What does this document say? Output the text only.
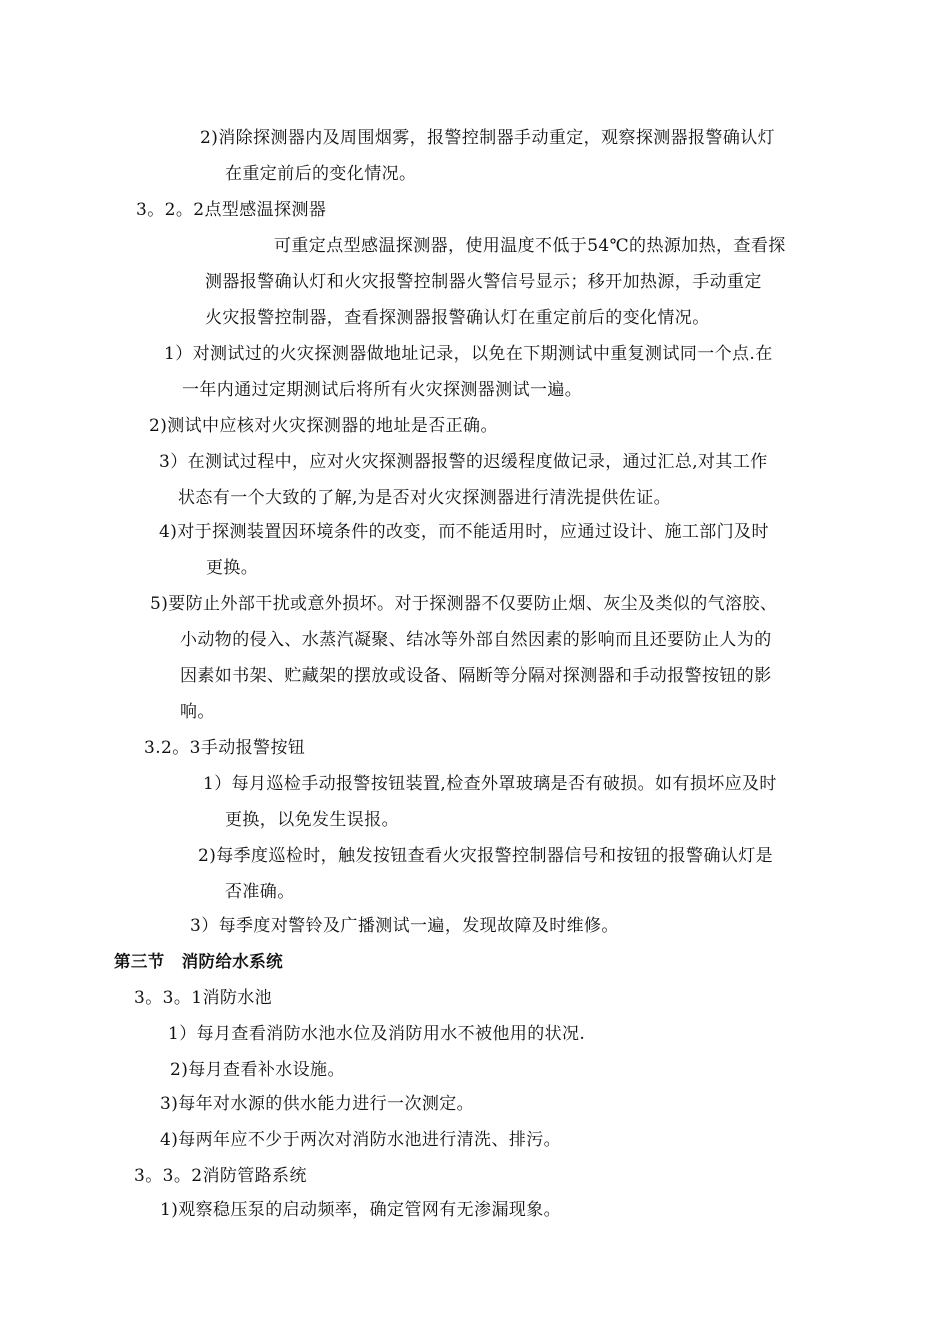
2)消除探测器内及周围烟雾，报警控制器手动重定，观察探测器报警确认灯
在重定前后的变化情况。
3。2。2点型感温探测器
可重定点型感温探测器，使用温度不低于54℃的热源加热，查看探
测器报警确认灯和火灾报警控制器火警信号显示；移开加热源，手动重定
火灾报警控制器，查看探测器报警确认灯在重定前后的变化情况。
1）对测试过的火灾探测器做地址记录，以免在下期测试中重复测试同一个点.在
一年内通过定期测试后将所有火灾探测器测试一遍。
2)测试中应核对火灾探测器的地址是否正确。
3）在测试过程中，应对火灾探测器报警的迟缓程度做记录，通过汇总,对其工作
状态有一个大致的了解,为是否对火灾探测器进行清洗提供佐证。
4)对于探测装置因环境条件的改变，而不能适用时，应通过设计、施工部门及时
更换。
5)要防止外部干扰或意外损坏。对于探测器不仅要防止烟、灰尘及类似的气溶胶、
小动物的侵入、水蒸汽凝聚、结冰等外部自然因素的影响而且还要防止人为的
因素如书架、贮藏架的摆放或设备、隔断等分隔对探测器和手动报警按钮的影
响。
3.2。3手动报警按钮
1）每月巡检手动报警按钮装置,检查外罩玻璃是否有破损。如有损坏应及时
更换，以免发生误报。
2)每季度巡检时，触发按钮查看火灾报警控制器信号和按钮的报警确认灯是
否准确。
3）每季度对警铃及广播测试一遍，发现故障及时维修。
第三节　消防给水系统
3。3。1消防水池
1）每月查看消防水池水位及消防用水不被他用的状况.
2)每月查看补水设施。
3)每年对水源的供水能力进行一次测定。
4)每两年应不少于两次对消防水池进行清洗、排污。
3。3。2消防管路系统
1)观察稳压泵的启动频率，确定管网有无渗漏现象。
